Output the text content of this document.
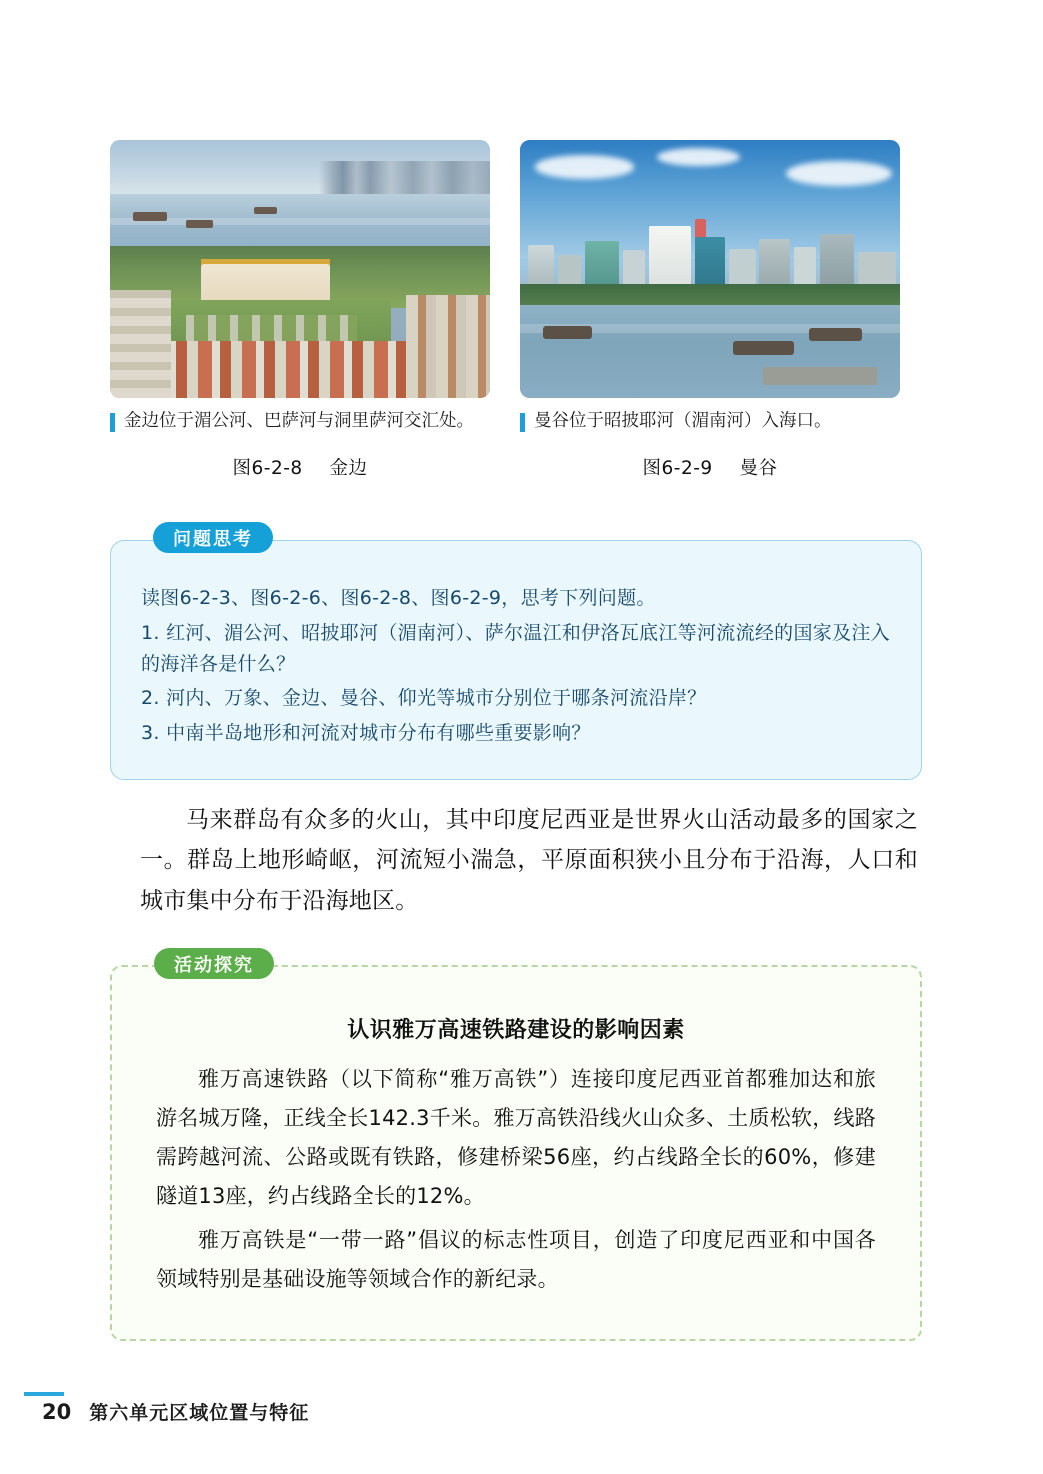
金边位于湄公河、巴萨河与洞里萨河交汇处。
图6-2-8 金边
曼谷位于昭披耶河（湄南河）入海口。
图6-2-9 曼谷
问题思考

读图6-2-3、图6-2-6、图6-2-8、图6-2-9，思考下列问题。

1. 红河、湄公河、昭披耶河（湄南河）、萨尔温江和伊洛瓦底江等河流流经的国家及注入的海洋各是什么？

2. 河内、万象、金边、曼谷、仰光等城市分别位于哪条河流沿岸？

3. 中南半岛地形和河流对城市分布有哪些重要影响？

马来群岛有众多的火山，其中印度尼西亚是世界火山活动最多的国家之一。群岛上地形崎岖，河流短小湍急，平原面积狭小且分布于沿海，人口和城市集中分布于沿海地区。
活动探究
认识雅万高速铁路建设的影响因素

雅万高速铁路（以下简称“雅万高铁”）连接印度尼西亚首都雅加达和旅游名城万隆，正线全长142.3千米。雅万高铁沿线火山众多、土质松软，线路需跨越河流、公路或既有铁路，修建桥梁56座，约占线路全长的60%，修建隧道13座，约占线路全长的12%。

雅万高铁是“一带一路”倡议的标志性项目，创造了印度尼西亚和中国各领域特别是基础设施等领域合作的新纪录。

20 第六单元 区域位置与特征
